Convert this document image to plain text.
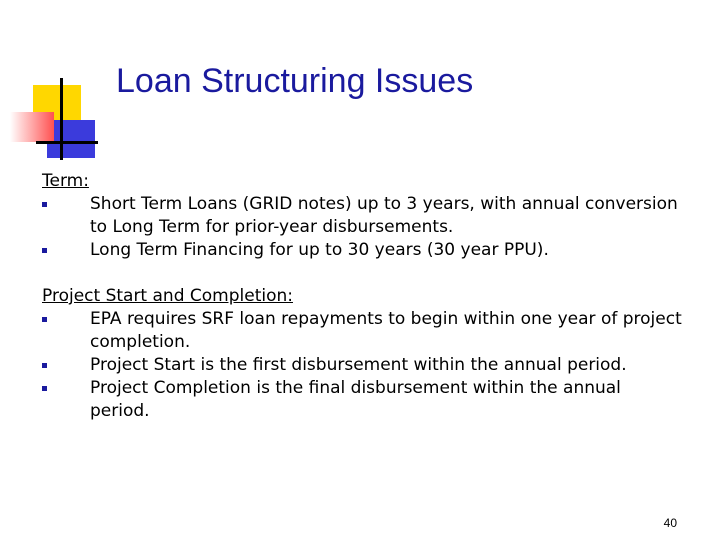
Loan Structuring Issues

Term:

Short Term Loans (GRID notes) up to 3 years, with annual conversion to Long Term for prior-year disbursements.
Long Term Financing for up to 30 years (30 year PPU).

Project Start and Completion:

EPA requires SRF loan repayments to begin within one year of project completion.
Project Start is the first disbursement within the annual period.
Project Completion is the final disbursement within the annual period.
40
